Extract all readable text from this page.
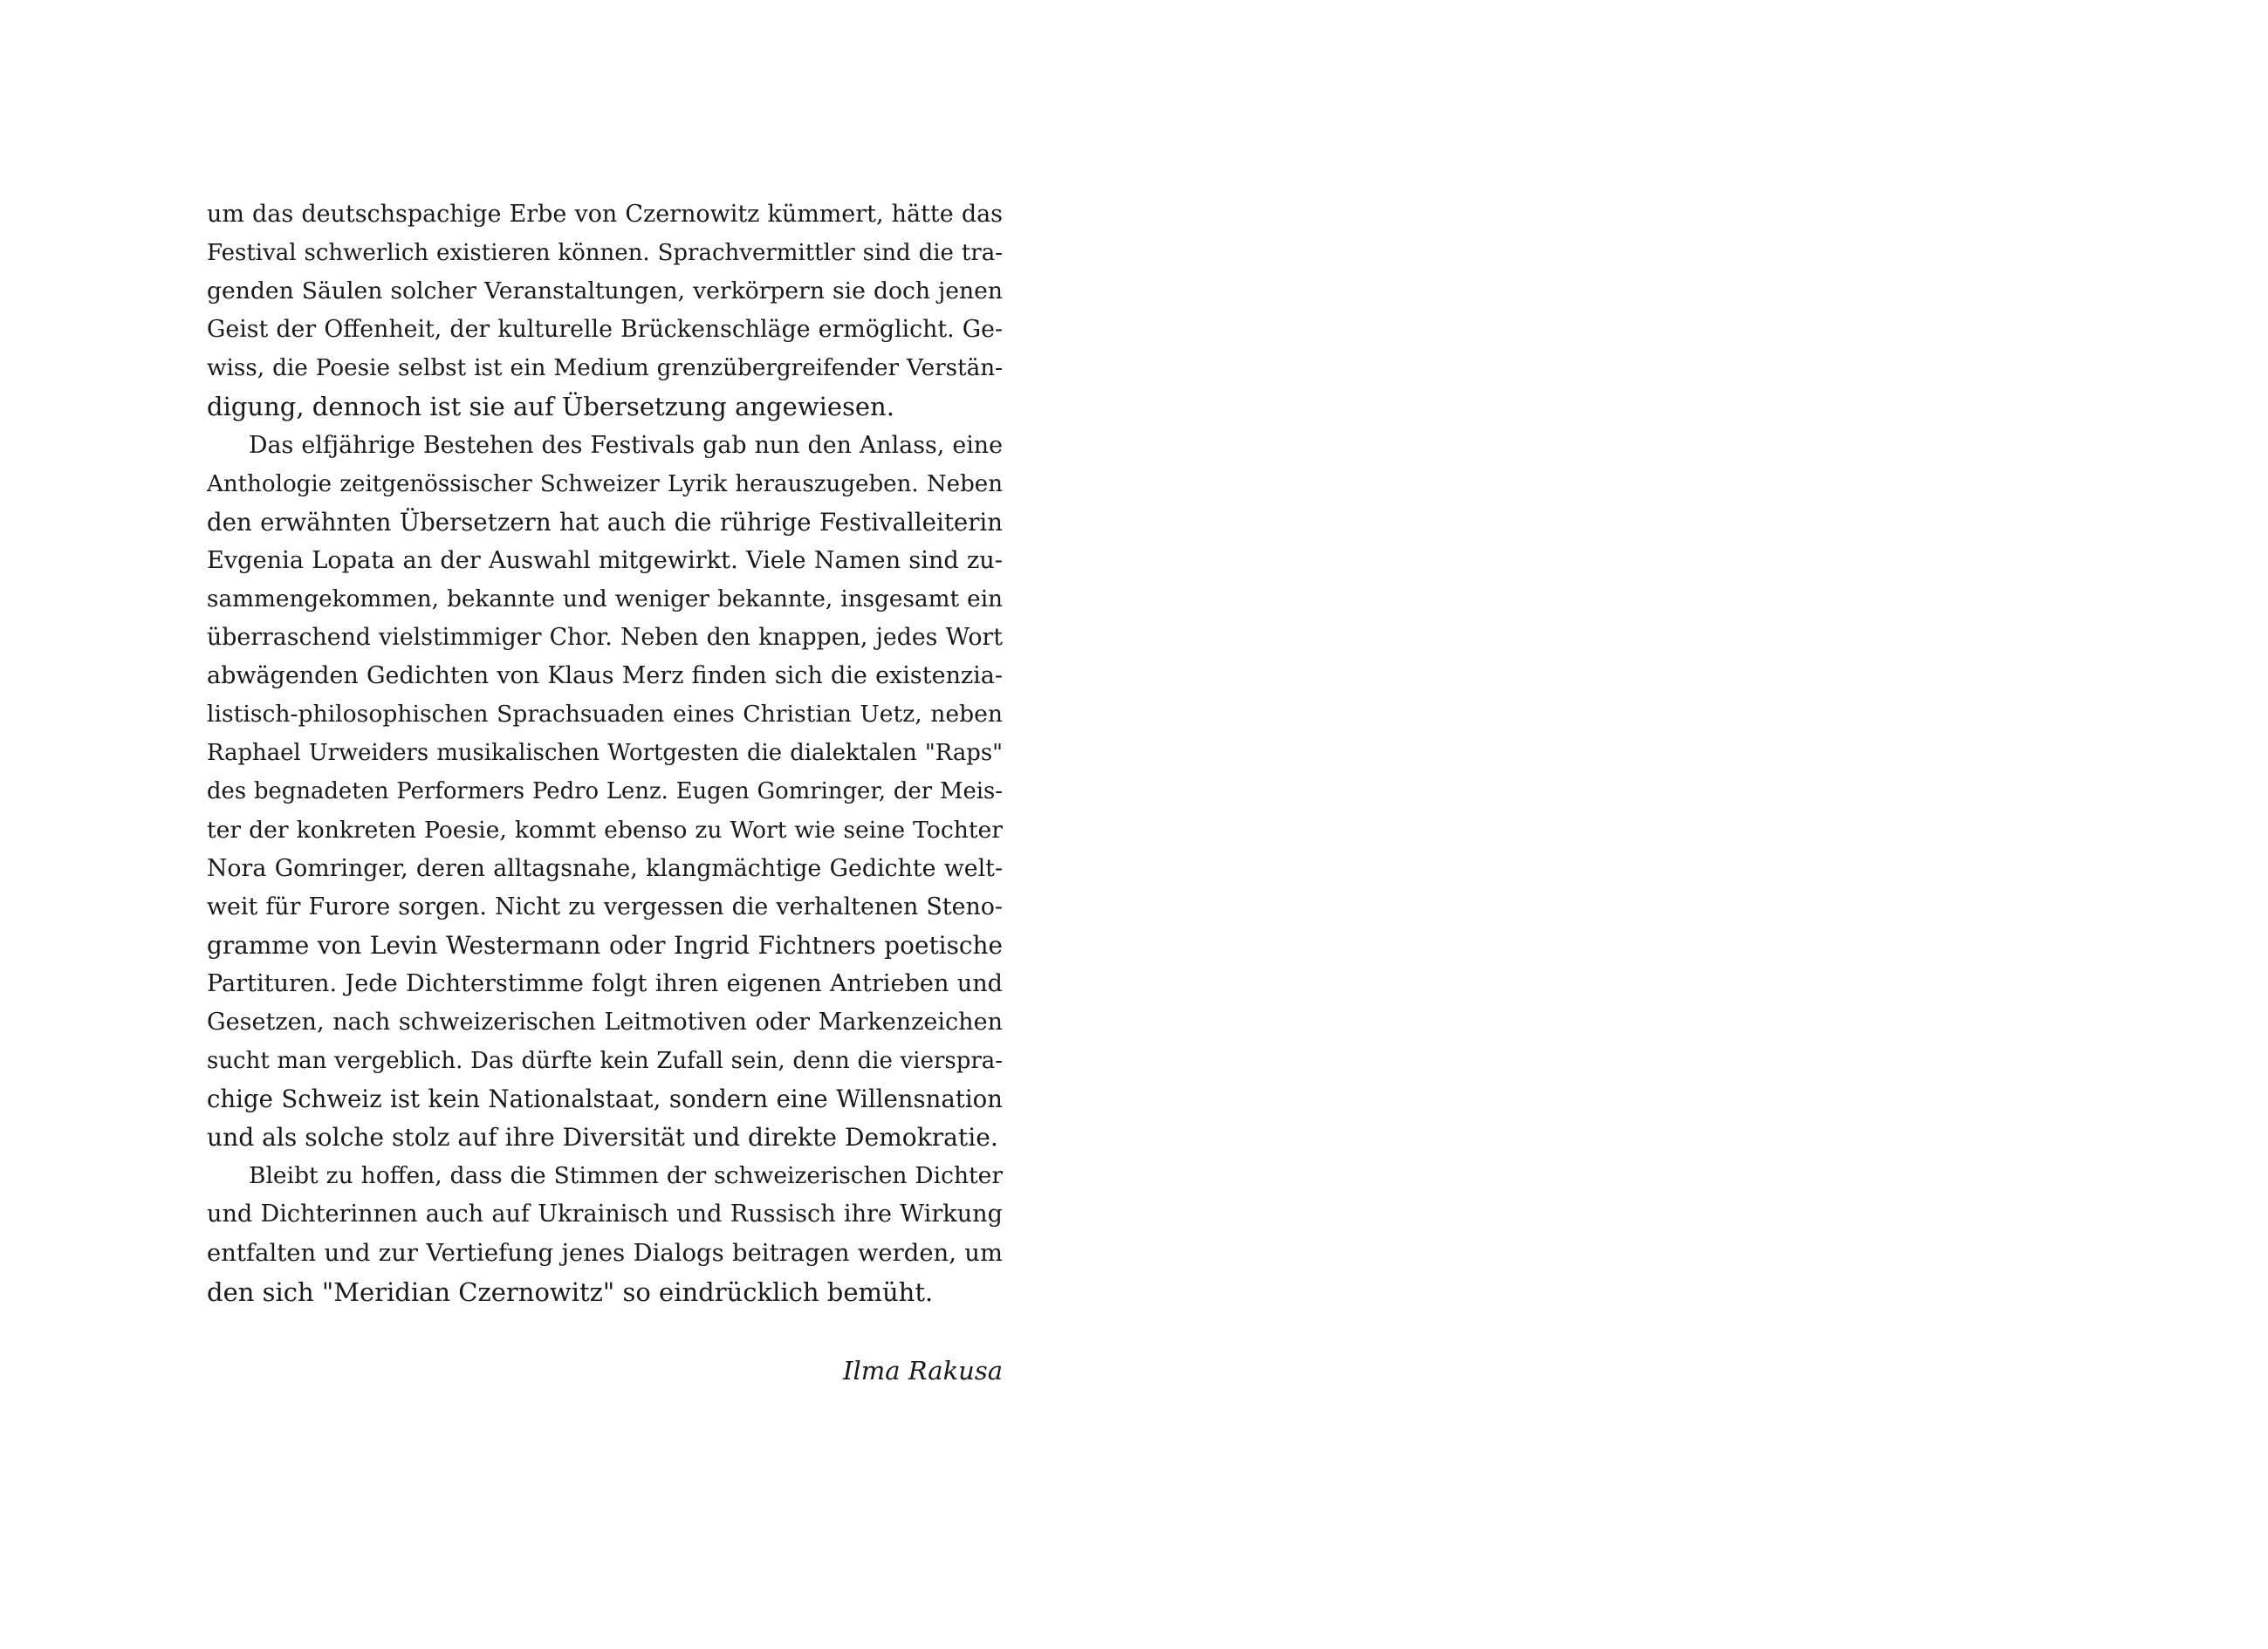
um das deutschspachige Erbe von Czernowitz kümmert, hätte das
Festival schwerlich existieren können. Sprachvermittler sind die tra-
genden Säulen solcher Veranstaltungen, verkörpern sie doch jenen
Geist der Offenheit, der kulturelle Brückenschläge ermöglicht. Ge-
wiss, die Poesie selbst ist ein Medium grenzübergreifender Verstän-
digung, dennoch ist sie auf Übersetzung angewiesen.
Das elfjährige Bestehen des Festivals gab nun den Anlass, eine
Anthologie zeitgenössischer Schweizer Lyrik herauszugeben. Neben
den erwähnten Übersetzern hat auch die rührige Festivalleiterin
Evgenia Lopata an der Auswahl mitgewirkt. Viele Namen sind zu-
sammengekommen, bekannte und weniger bekannte, insgesamt ein
überraschend vielstimmiger Chor. Neben den knappen, jedes Wort
abwägenden Gedichten von Klaus Merz finden sich die existenzia-
listisch-philosophischen Sprachsuaden eines Christian Uetz, neben
Raphael Urweiders musikalischen Wortgesten die dialektalen "Raps"
des begnadeten Performers Pedro Lenz. Eugen Gomringer, der Meis-
ter der konkreten Poesie, kommt ebenso zu Wort wie seine Tochter
Nora Gomringer, deren alltagsnahe, klangmächtige Gedichte welt-
weit für Furore sorgen. Nicht zu vergessen die verhaltenen Steno-
gramme von Levin Westermann oder Ingrid Fichtners poetische
Partituren. Jede Dichterstimme folgt ihren eigenen Antrieben und
Gesetzen, nach schweizerischen Leitmotiven oder Markenzeichen
sucht man vergeblich. Das dürfte kein Zufall sein, denn die vierspra-
chige Schweiz ist kein Nationalstaat, sondern eine Willensnation
und als solche stolz auf ihre Diversität und direkte Demokratie.
Bleibt zu hoffen, dass die Stimmen der schweizerischen Dichter
und Dichterinnen auch auf Ukrainisch und Russisch ihre Wirkung
entfalten und zur Vertiefung jenes Dialogs beitragen werden, um
den sich "Meridian Czernowitz" so eindrücklich bemüht.
Ilma Rakusa
